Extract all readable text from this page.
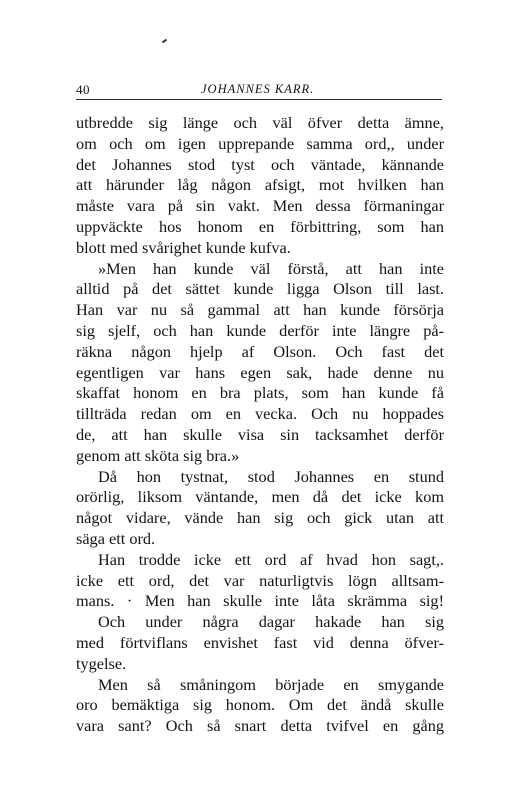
40	JOHANNES KARR.
utbredde sig länge och väl öfver detta ämne,
om och om igen upprepande samma ord,, under
det Johannes stod tyst och väntade, kännande
att härunder låg någon afsigt, mot hvilken han
måste vara på sin vakt. Men dessa förmaningar
uppväckte hos honom en förbittring, som han
blott med svårighet kunde kufva.
»Men han kunde väl förstå, att han inte
alltid på det sättet kunde ligga Olson till last.
Han var nu så gammal att han kunde försörja
sig sjelf, och han kunde derför inte längre på-
räkna någon hjelp af Olson. Och fast det
egentligen var hans egen sak, hade denne nu
skaffat honom en bra plats, som han kunde få
tillträda redan om en vecka. Och nu hoppades
de, att han skulle visa sin tacksamhet derför
genom att sköta sig bra.»
Då hon tystnat, stod Johannes en stund
orörlig, liksom väntande, men då det icke kom
något vidare, vände han sig och gick utan att
säga ett ord.
Han trodde icke ett ord af hvad hon sagt,.
icke ett ord, det var naturligtvis lögn alltsam-
mans. · Men han skulle inte låta skrämma sig!
Och under några dagar hakade han sig
med förtviflans envishet fast vid denna öfver-
tygelse.
Men så småningom började en smygande
oro bemäktiga sig honom. Om det ändå skulle
vara sant? Och så snart detta tvifvel en gång
